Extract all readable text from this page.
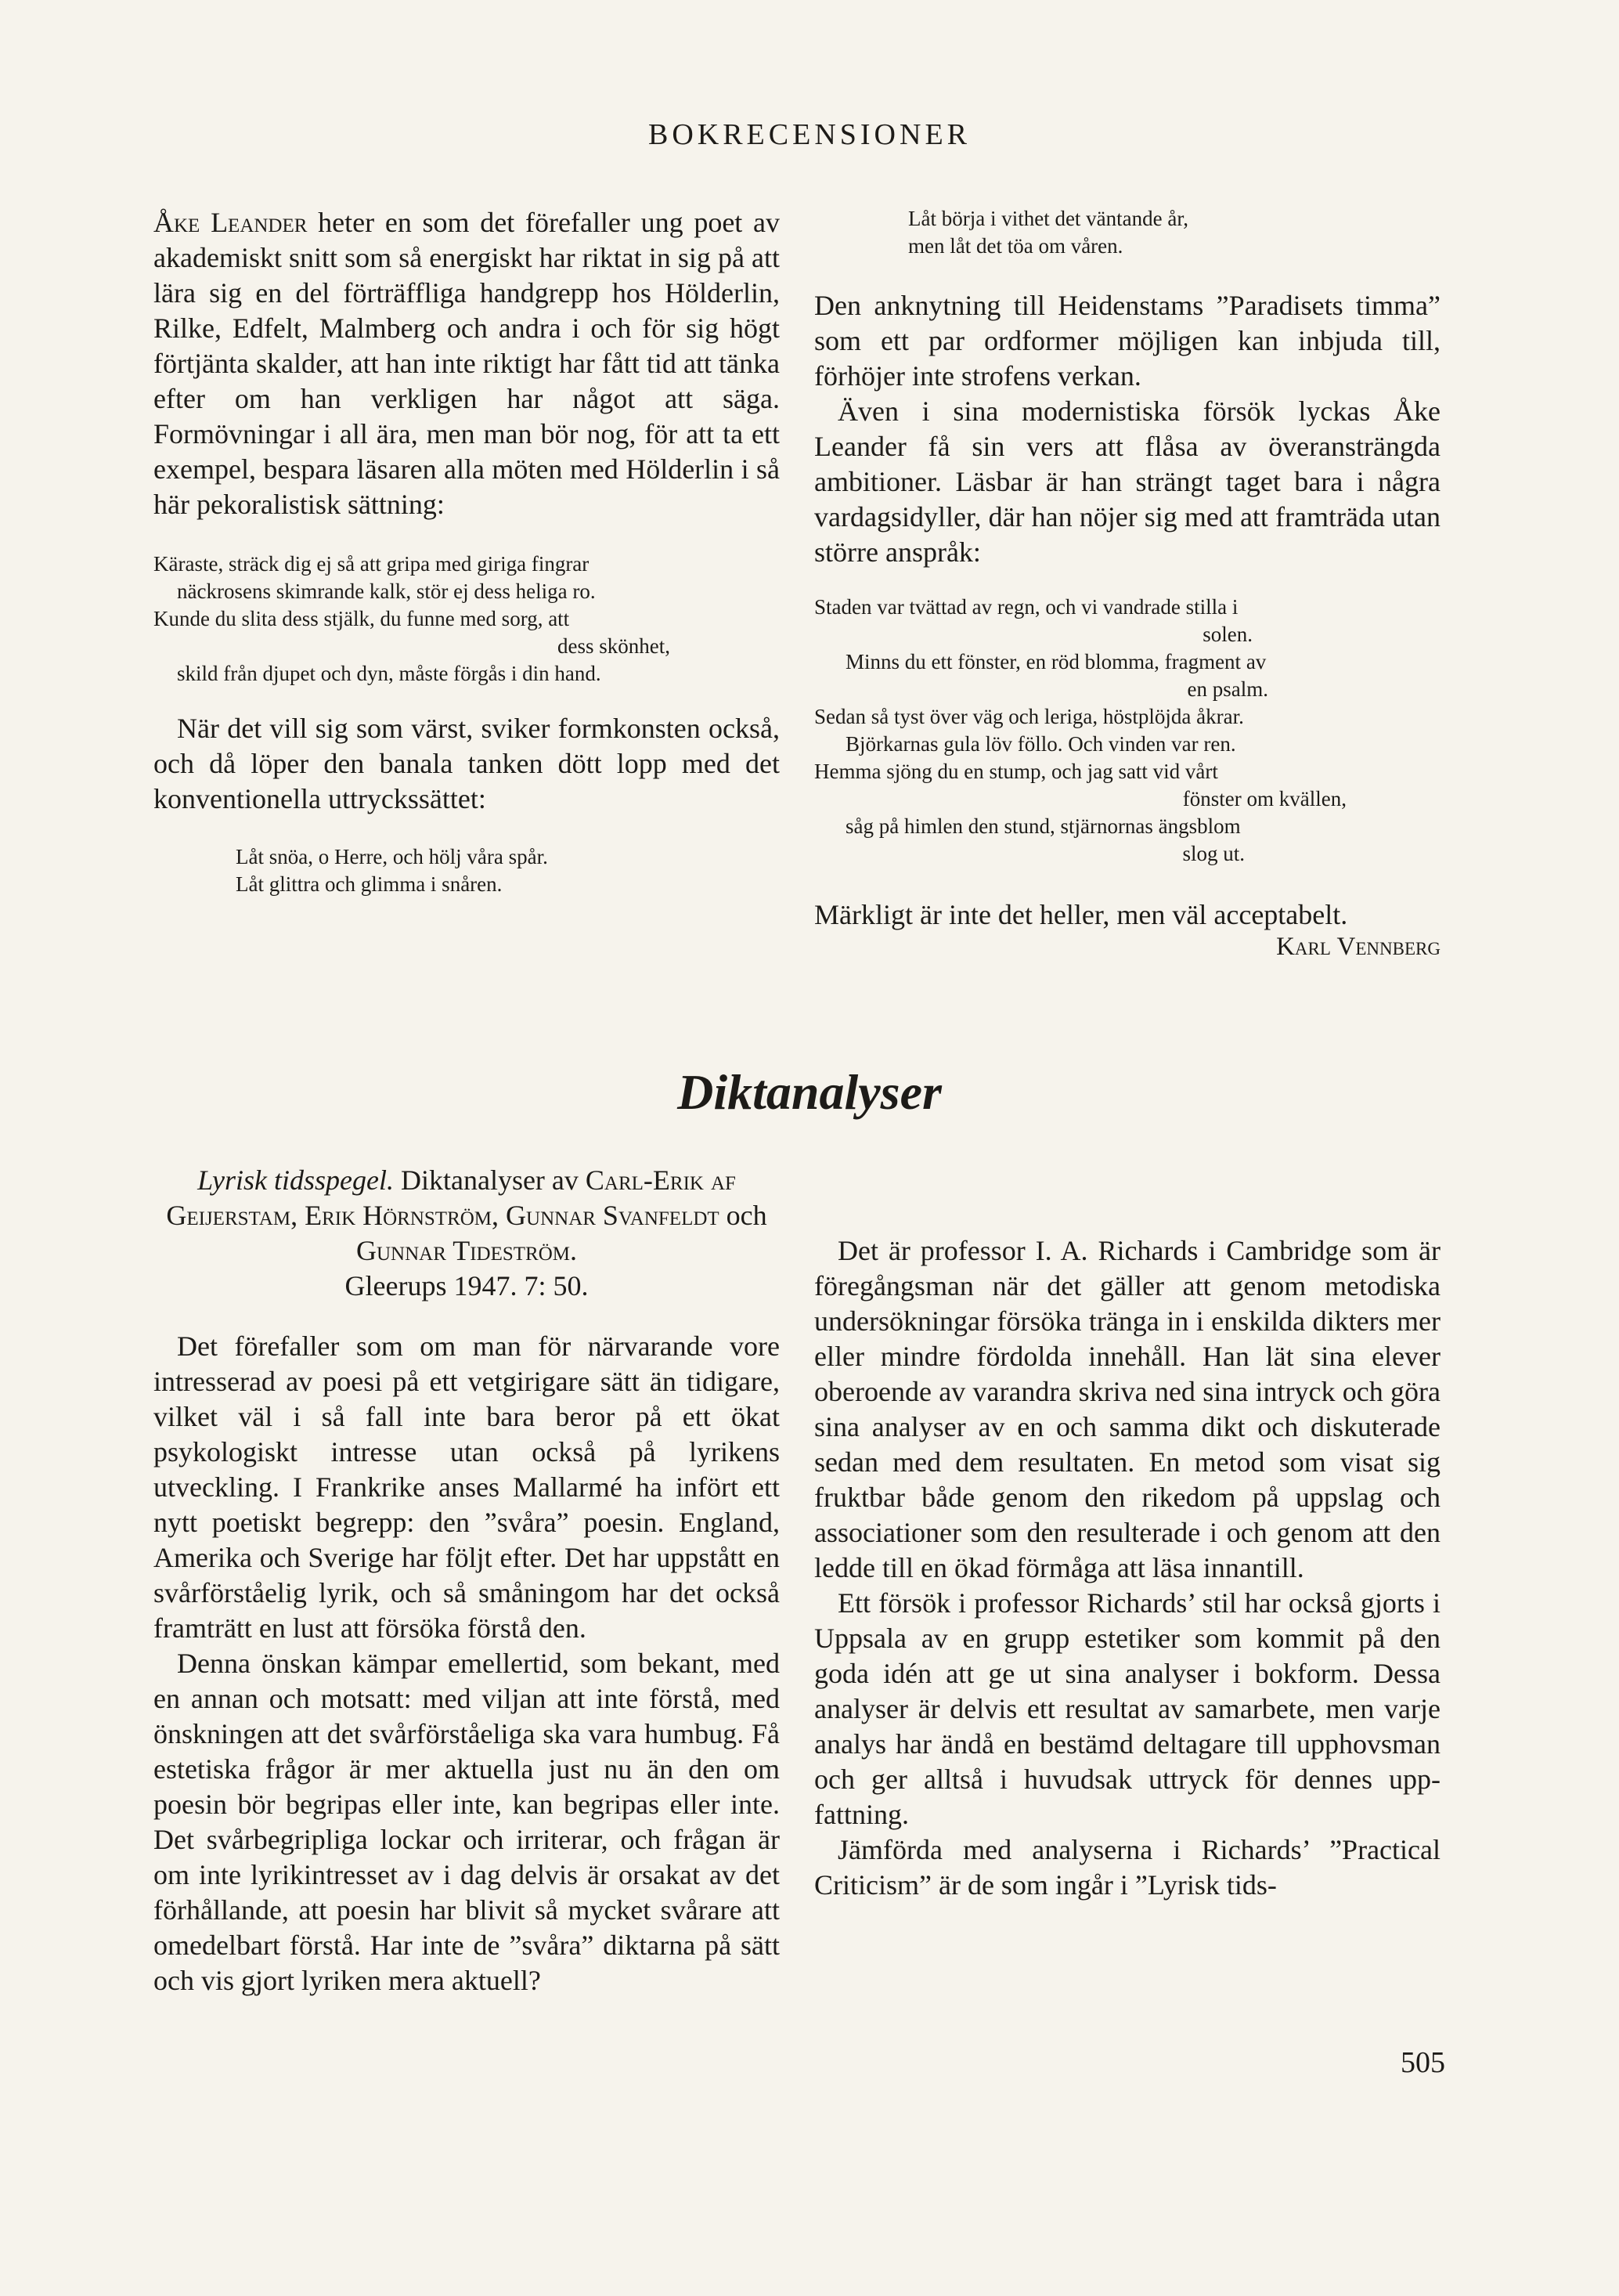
BOKRECENSIONER

Åke Leander heter en som det förefaller ung poet av akademiskt snitt som så energiskt har riktat in sig på att lära sig en del förträffliga handgrepp hos Hölderlin, Rilke, Edfelt, Malmberg och andra i och för sig högt förtjänta skalder, att han inte riktigt har fått tid att tänka efter om han verkligen har något att säga. Formövningar i all ära, men man bör nog, för att ta ett exempel, bespara läsaren alla möten med Hölderlin i så här pekoralistisk sättning:

Käraste, sträck dig ej så att gripa med giriga fingrar
näckrosens skimrande kalk, stör ej dess heliga ro.
Kunde du slita dess stjälk, du funne med sorg, att
dess skönhet,
skild från djupet och dyn, måste förgås i din hand.

När det vill sig som värst, sviker formkonsten också, och då löper den banala tanken dött lopp med det konventionella uttryckssättet:

Låt snöa, o Herre, och hölj våra spår.
Låt glittra och glimma i snåren.
Låt börja i vithet det väntande år,
men låt det töa om våren.

Den anknytning till Heidenstams ”Paradisets timma” som ett par ordformer möjligen kan inbjuda till, förhöjer inte strofens verkan.

Även i sina modernistiska försök lyckas Åke Leander få sin vers att flåsa av överansträngda ambitioner. Läsbar är han strängt taget bara i några vardagsidyller, där han nöjer sig med att framträda utan större anspråk:

Staden var tvättad av regn, och vi vandrade stilla i
solen.
Minns du ett fönster, en röd blomma, fragment av
en psalm.
Sedan så tyst över väg och leriga, höstplöjda åkrar.
Björkarnas gula löv föllo. Och vinden var ren.
Hemma sjöng du en stump, och jag satt vid vårt
fönster om kvällen,
såg på himlen den stund, stjärnornas ängsblom
slog ut.

Märkligt är inte det heller, men väl acceptabelt.

Karl Vennberg

Diktanalyser
Lyrisk tidsspegel. Diktanalyser av Carl-Erik af Geijerstam, Erik Hörnström, Gunnar Svanfeldt och Gunnar Tideström.
Gleerups 1947. 7: 50.

Det förefaller som om man för närvarande vore intresserad av poesi på ett vetgirigare sätt än tidigare, vilket väl i så fall inte bara beror på ett ökat psykologiskt intresse utan också på lyrikens utveckling. I Frankrike anses Mallarmé ha infört ett nytt poetiskt begrepp: den ”svåra” poesin. England, Amerika och Sverige har följt efter. Det har uppstått en svårförståelig lyrik, och så småningom har det också framträtt en lust att försöka förstå den.

Denna önskan kämpar emellertid, som bekant, med en annan och motsatt: med viljan att inte förstå, med önskningen att det svårförståeliga ska vara humbug. Få estetiska frågor är mer aktuella just nu än den om poesin bör begripas eller inte, kan begripas eller inte. Det svårbegripliga lockar och irriterar, och frågan är om inte lyrikintresset av i dag delvis är orsakat av det förhållande, att poesin har blivit så mycket svårare att omedelbart förstå. Har inte de ”svåra” diktarna på sätt och vis gjort lyriken mera aktuell?

Det är professor I. A. Richards i Cambridge som är föregångsman när det gäller att genom metodiska undersökningar försöka tränga in i enskilda dikters mer eller mindre fördolda innehåll. Han lät sina elever oberoende av varandra skriva ned sina intryck och göra sina analyser av en och samma dikt och diskuterade sedan med dem resultaten. En metod som visat sig fruktbar både genom den rikedom på uppslag och associationer som den resulterade i och genom att den ledde till en ökad förmåga att läsa innantill.

Ett försök i professor Richards’ stil har också gjorts i Uppsala av en grupp estetiker som kommit på den goda idén att ge ut sina analyser i bokform. Dessa analyser är delvis ett resultat av samarbete, men varje analys har ändå en bestämd deltagare till upphovsman och ger alltså i huvudsak uttryck för dennes uppfattning.

Jämförda med analyserna i Richards’ ”Practical Criticism” är de som ingår i ”Lyrisk tids-

505
